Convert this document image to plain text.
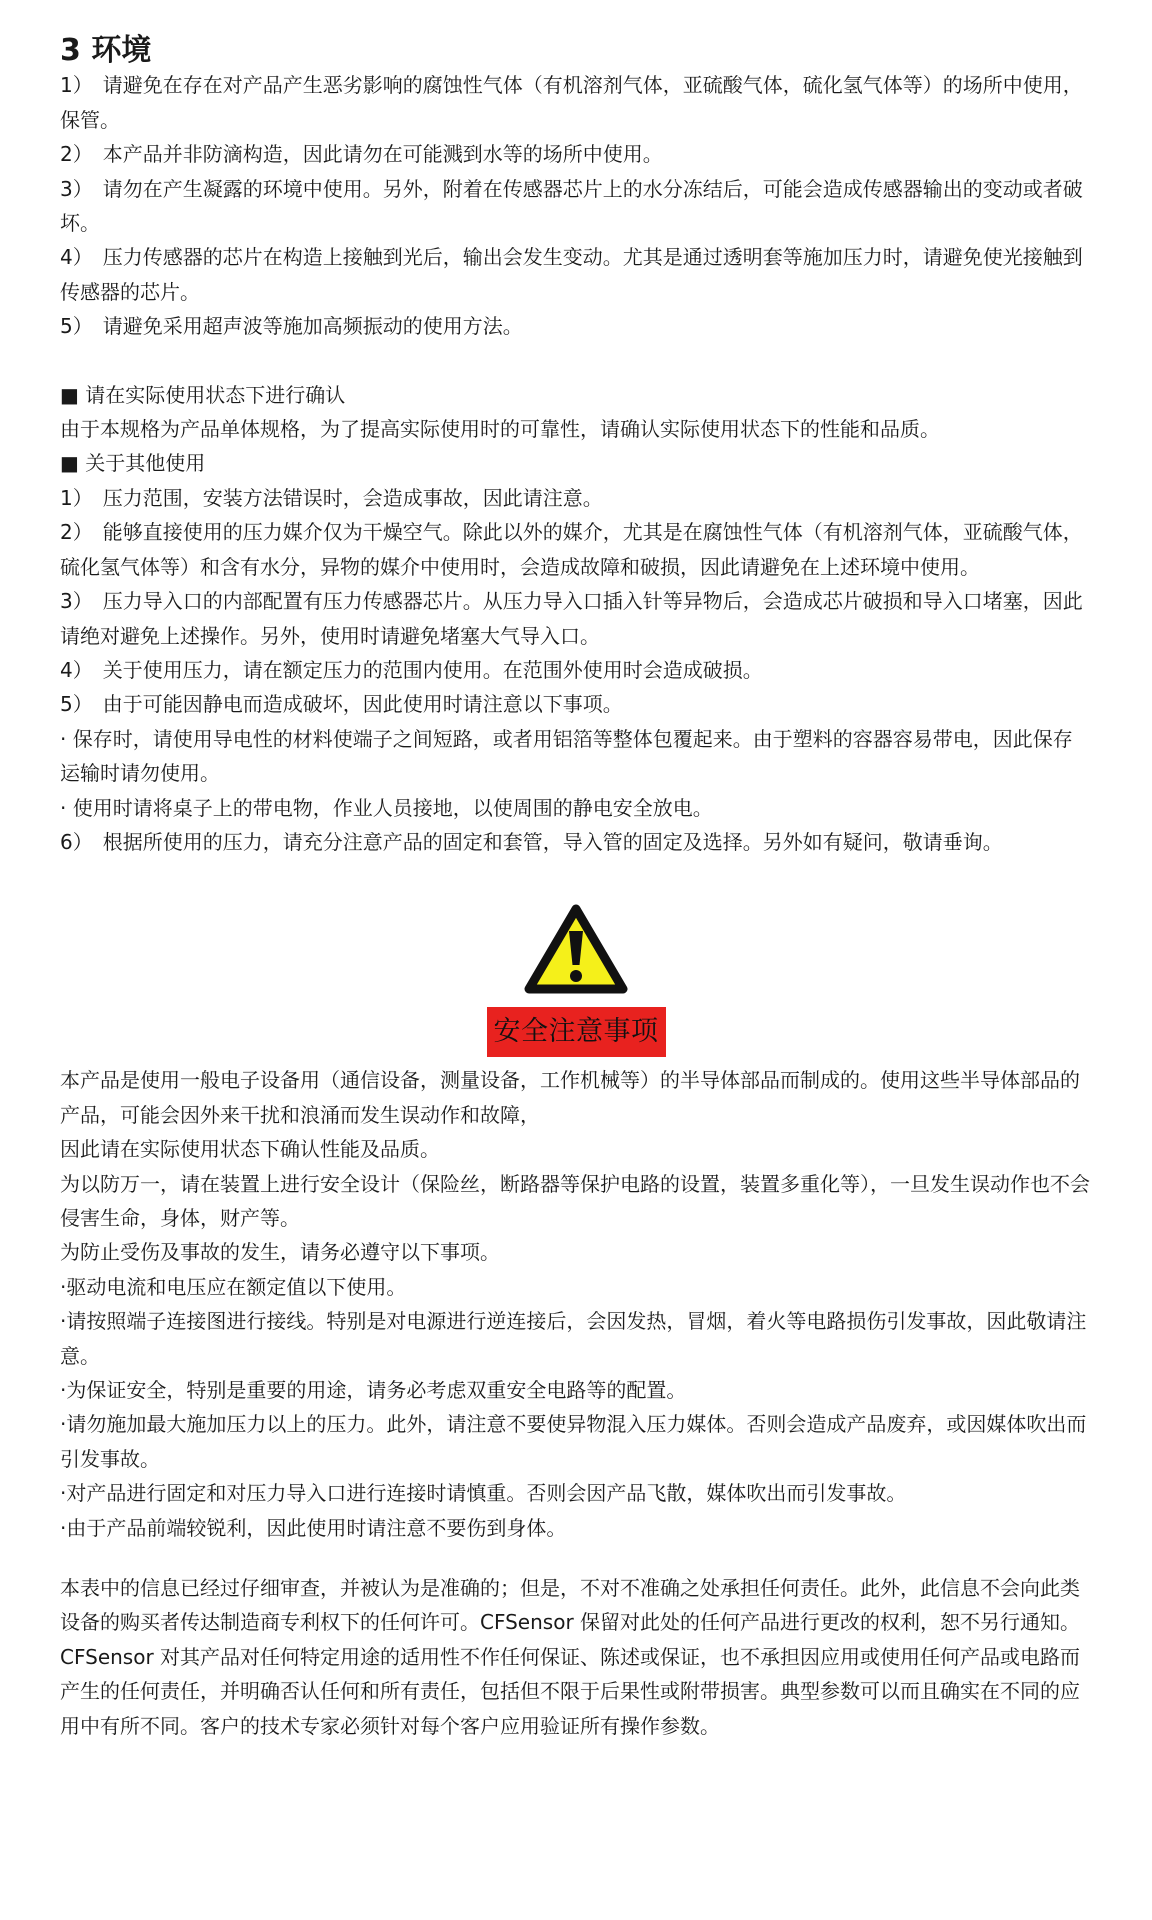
3 环境

1）　请避免在存在对产品产生恶劣影响的腐蚀性气体（有机溶剂气体，亚硫酸气体，硫化氢气体等）的场所中使用，保管。

2）　本产品并非防滴构造，因此请勿在可能溅到水等的场所中使用。

3）　请勿在产生凝露的环境中使用。另外，附着在传感器芯片上的水分冻结后，可能会造成传感器输出的变动或者破坏。

4）　压力传感器的芯片在构造上接触到光后，输出会发生变动。尤其是通过透明套等施加压力时，请避免使光接触到传感器的芯片。

5）　请避免采用超声波等施加高频振动的使用方法。

■ 请在实际使用状态下进行确认

由于本规格为产品单体规格，为了提高实际使用时的可靠性，请确认实际使用状态下的性能和品质。

■ 关于其他使用

1）　压力范围，安装方法错误时，会造成事故，因此请注意。

2）　能够直接使用的压力媒介仅为干燥空气。除此以外的媒介，尤其是在腐蚀性气体（有机溶剂气体，亚硫酸气体，硫化氢气体等）和含有水分，异物的媒介中使用时，会造成故障和破损，因此请避免在上述环境中使用。

3）　压力导入口的内部配置有压力传感器芯片。从压力导入口插入针等异物后，会造成芯片破损和导入口堵塞，因此请绝对避免上述操作。另外，使用时请避免堵塞大气导入口。

4）　关于使用压力，请在额定压力的范围内使用。在范围外使用时会造成破损。

5）　由于可能因静电而造成破坏，因此使用时请注意以下事项。

· 保存时，请使用导电性的材料使端子之间短路，或者用铝箔等整体包覆起来。由于塑料的容器容易带电，因此保存运输时请勿使用。

· 使用时请将桌子上的带电物，作业人员接地，以使周围的静电安全放电。

6）　根据所使用的压力，请充分注意产品的固定和套管，导入管的固定及选择。另外如有疑问，敬请垂询。

安全注意事项

本产品是使用一般电子设备用（通信设备，测量设备，工作机械等）的半导体部品而制成的。使用这些半导体部品的产品，可能会因外来干扰和浪涌而发生误动作和故障，

因此请在实际使用状态下确认性能及品质。

为以防万一，请在装置上进行安全设计（保险丝，断路器等保护电路的设置，装置多重化等），一旦发生误动作也不会侵害生命，身体，财产等。

为防止受伤及事故的发生，请务必遵守以下事项。

·驱动电流和电压应在额定值以下使用。

·请按照端子连接图进行接线。特别是对电源进行逆连接后，会因发热，冒烟，着火等电路损伤引发事故，因此敬请注意。

·为保证安全，特别是重要的用途，请务必考虑双重安全电路等的配置。

·请勿施加最大施加压力以上的压力。此外，请注意不要使异物混入压力媒体。否则会造成产品废弃，或因媒体吹出而引发事故。

·对产品进行固定和对压力导入口进行连接时请慎重。否则会因产品飞散，媒体吹出而引发事故。

·由于产品前端较锐利，因此使用时请注意不要伤到身体。

本表中的信息已经过仔细审查，并被认为是准确的；但是，不对不准确之处承担任何责任。此外，此信息不会向此类设备的购买者传达制造商专利权下的任何许可。CFSensor 保留对此处的任何产品进行更改的权利，恕不另行通知。 CFSensor 对其产品对任何特定用途的适用性不作任何保证、陈述或保证，也不承担因应用或使用任何产品或电路而产生的任何责任，并明确否认任何和所有责任，包括但不限于后果性或附带损害。典型参数可以而且确实在不同的应用中有所不同。客户的技术专家必须针对每个客户应用验证所有操作参数。
